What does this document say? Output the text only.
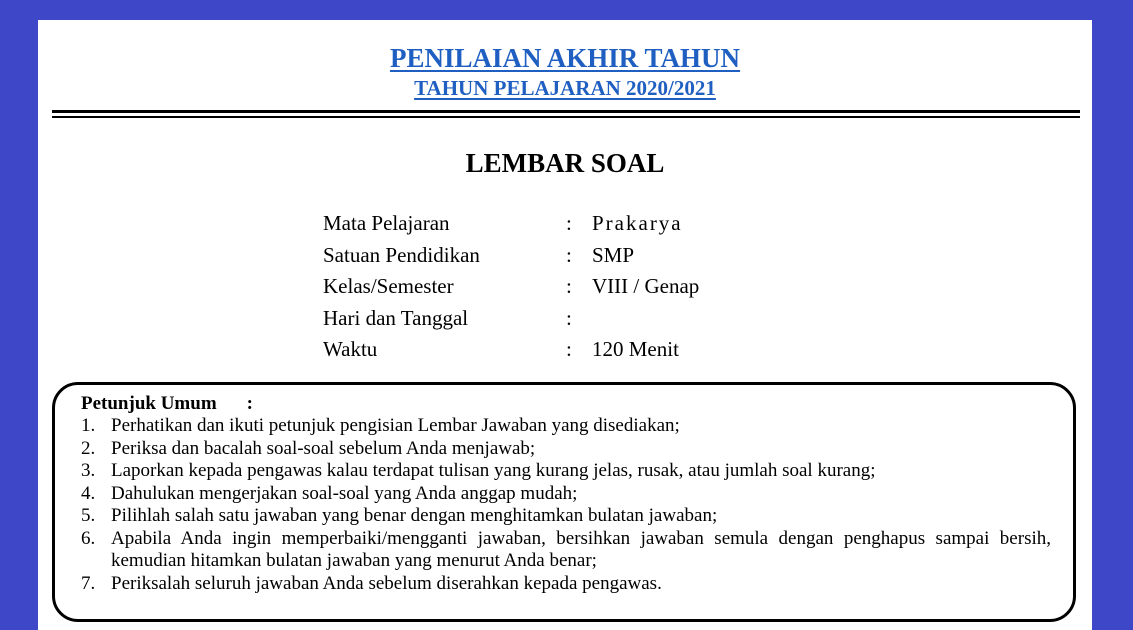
PENILAIAN AKHIR TAHUN
TAHUN PELAJARAN 2020/2021
LEMBAR SOAL
Mata Pelajaran	:	Prakarya
Satuan Pendidikan	:	SMP
Kelas/Semester	:	VIII / Genap
Hari dan Tanggal	:	
Waktu	:	120 Menit
Petunjuk Umum :
1. Perhatikan dan ikuti petunjuk pengisian Lembar Jawaban yang disediakan;
2. Periksa dan bacalah soal-soal sebelum Anda menjawab;
3. Laporkan kepada pengawas kalau terdapat tulisan yang kurang jelas, rusak, atau jumlah soal kurang;
4. Dahulukan mengerjakan soal-soal yang Anda anggap mudah;
5. Pilihlah salah satu jawaban yang benar dengan menghitamkan bulatan jawaban;
6. Apabila Anda ingin memperbaiki/mengganti jawaban, bersihkan jawaban semula dengan penghapus sampai bersih, kemudian hitamkan bulatan jawaban yang menurut Anda benar;
7. Periksalah seluruh jawaban Anda sebelum diserahkan kepada pengawas.
